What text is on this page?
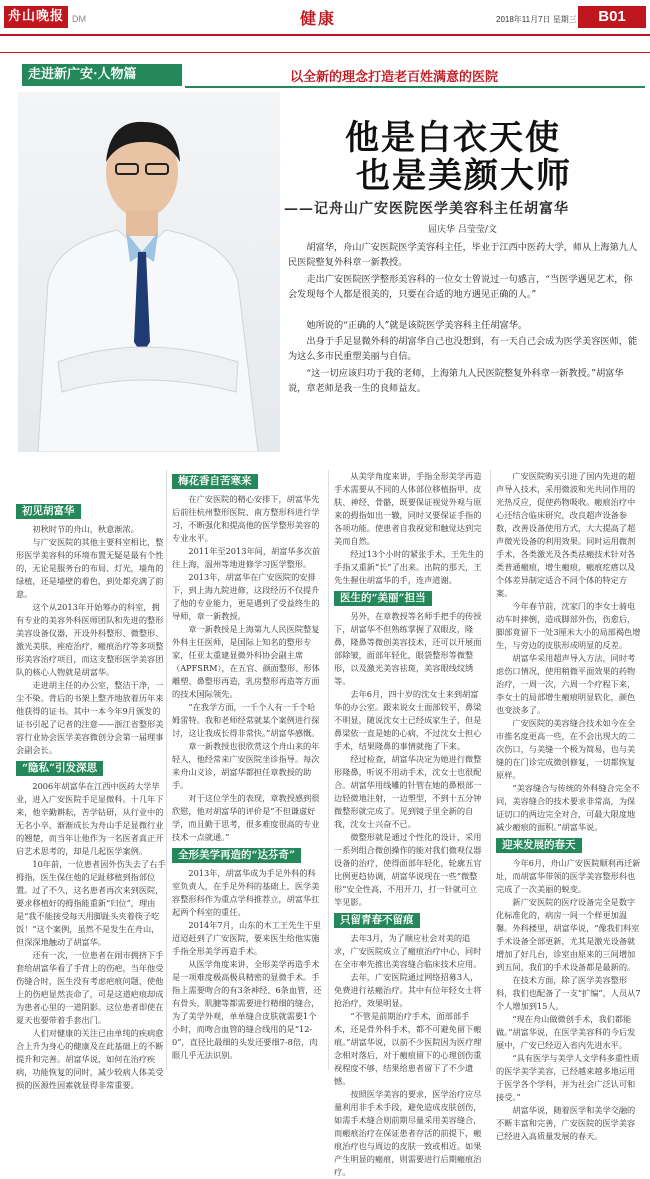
舟山晚报 DM	健康	2018年11月7日 星期三	B01
走进新广安·人物篇	以全新的理念打造老百姓满意的医院
他是白衣天使
也是美颜大师
——记舟山广安医院医学美容科主任胡富华
屈庆华 吕莹莹/文

胡富华，舟山广安医院医学美容科主任，毕业于江西中医药大学，师从上海第九人民医院整复外科章一新教授。

走出广安医院医学整形美容科的一位女士曾说过一句感言，“当医学遇见艺术，你会发现每个人都是很美的，只要在合适的地方遇见正确的人。”

她所说的“正确的人”就是该院医学美容科主任胡富华。

出身于手足显微外科的胡富华自己也没想到，有一天自己会成为医学美容医师，能为这么多市民重塑美丽与自信。

“这一切应该归功于我的老师，上海第九人民医院整复外科章一新教授。”胡富华说，章老师是我一生的良师益友。

初见胡富华

初秋时节的舟山，秋意渐浓。

与广安医院的其他主要科室相比，整形医学美容科的环境布置无疑是最有个性的，无论是服务台的布局、灯光，墙角的绿植，还是墙壁的着色，到处都充满了韵意。

这个从2013年开始筹办的科室，拥有专业的美容外科医师团队和先进的整形美容设备仪器，开设外科整形、微整形、激光美肤、痤疮治疗，瘢痕治疗等多项整形美容治疗项目，而这支整形医学美容团队的核心人物就是胡富华。

走进胡主任的办公室，整洁干净，一尘不染。背后的书架上整齐地放着历年来他获得的证书。其中一本今年9月颁发的证书引起了记者的注意——浙江省整形美容行业协会医学美容微创分会第一届理事会副会长。

“隐私”引发深思

2006年胡富华在江西中医药大学毕业，进入广安医院手足显微科。十几年下来，他辛勤耕耘，苦学钻研，从行业中的无名小卒，渐渐成长为舟山手足显微行业的翘楚，而当年让他作为一名医者真正开启艺术思考的，却是几起医学案例。

10年前，一位患者因外伤失去了右手拇指，医生保住他的足趾移植到指部位置。过了不久，这名患者再次来到医院，要求移植好的拇指能重新“归位”，理由是“我不能接受每天用脚趾头夹着筷子吃饭！”这个案例，虽然不是发生在舟山，但深深地触动了胡富华。

还有一次，一位患者在闹市拥挤下手套给胡富华看了手背上的伤疤，当年他受伤缝合时，医生没有考虑疤痕问题，使他上的伤疤显然丧命了，可是这道疤痕却成为患者心里的一道阴影。这位患者即使在夏天也要带着手套出门。

人们对健康的关注已由单纯的疾病愈合上升为身心的健康及在此基础上的不断提升和完善。胡富华说，如何在治疗疾病，功能恢复的同时，减少较病人体美受损的医源性因素就显得非常重要。

梅花香自苦寒来

在广安医院的精心安排下，胡富华先后前往杭州整形医院、南方整形科进行学习，不断强化和提高他的医学整形美容的专业水平。

2011年至2013年间，胡富华多次前往上海，温州等地进修学习医学整形。

2013年，胡富华在广安医院的安排下，到上海九院进修，这段经历不仅提升了他的专业能力，更是遇到了受益终生的导师，章一新教授。

章一新教授是上海第九人民医院整复外科主任医师，是国际上知名的整形专家，任亚太重建显微外科协会副主席（APFSRM），在五官、颜面整形、形体雕塑、鼻整形再造，乳房整形再造等方面的技术国际领先。

“在我学方面，一千个人有一千个哈姆雷特。我和老师经常就某个案例进行探讨，这让我成长得非常快。”胡富华感慨。

章一新教授也很欣赏这个舟山来的年轻人，他经常来广安医院坐诊指导。每次来舟山义诊，胡富华都担任章教授的助手。

对于这位学生的表现，章教授感到很欣慰，他对胡富华的评价是“不但谦虚好学，而且勤于思考，很多难度很高的专业技术一点就通。”

全形美学再造的“达芬奇”

2013年，胡富华成为手足外科的科室负责人，在手足外科的基础上，医学美容整形科作为重点学科推荐立，胡富华扛起两个科室的重任。

2014年7月，山东的木工王先生干里迢迢赶到了广安医院，要来医生给他实施手指全形美学再造手术。

从医学角度来讲，全形美学再造手术是一项难度极高极具精密的显微手术。手指上需要吻合的有3条神经、6条血管，还有骨头，肌腱等都需要进行精细的缝合，为了美学外观，单单缝合皮肤就需要1个小时，而吻合血管的缝合线用的是“12-0”，直径比最细的头发还要细7-8倍，肉眼几乎无法识别。

从美学角度来讲，手指全形美学再造手术需要从不同的人体部位移植指甲、皮肤、神经、骨骼，既要保证视觉外观与原来的拇指如出一辙，同时又要保证手指的各项功能。使患者自我视觉和触觉达到完美而自然。

经过13个小时的紧张手术，王先生的手指又重新“长”了出来。出院的那天，王先生握住胡富华的手，连声道谢。

医生的“美丽”担当

另外，在章教授等名师手把手的传授下，胡富华不但熟练掌握了双眼皮，隆鼻，隆鼻等微创美容技术，还可以开展面部除皱，面部年轻化，眼袋整形等微整形，以及激光美容祛斑，美容眼线纹绣等。

去年6月，四十岁的沈女士来到胡富华的办公室。跟来说女士面部较平，鼻梁不明显，随说沈女士已经成家生子，但是鼻梁依一直是她的心病，不过沈女士担心手术，结果隆鼻的事情就拖了下来。

经过检查，胡富华决定为她进行微整形隆鼻，听说不用动手术，沈女士也很配合。胡富华用线雕的针管在她的鼻根部一边轻微地注射，一边塑型，不到十五分钟微整形就完成了。见到镜子里全新的自我，沈女士兴奋不已。

微整形就是通过个性化的设计，采用一系列组合微创操作的能对我们微观仪器设备的治疗，使得面部年轻化，轮廓五官比例更趋协调，胡富华说现在一些“微整形”安全性高，不用开刀，打一针就可立竿见影。

只留青春不留痕

去年3月，为了顺应社会对美的追求，广安医院成立了瘢痕治疗中心，同时在全市率先推出美容缝合临床技术应用。

去年，广安医院通过网络招募3人，免费进行祛瘢治疗。其中有位年轻女士将抢治疗，效果明显。

“不管是前期治疗手术，面部部手术，还是骨外科手术，都不可避免留下瘢痕。”胡富华说，以前不少医院因为医疗理念相对落后，对于瘢痕留下的心理创伤重视程度不够，结果给患者留下了不少遗憾。

按照医学美容的要求，医学治疗应尽量利用非手术手段，避免造成皮肤创伤，如需手术缝合则前期尽量采用美容缝合，而瘢痕治疗在保证患者存活的前提下，瘢痕治疗也与周边的皮肤一致或相近。如果产生明显的瘢痕，则需要进行后期瘢痕治疗。

广安医院购买引进了国内先进的超声导入技术，采用微波和光共同作用的光热反应，促使药物吸收。瘢痕治疗中心还结合临床研究，改良超声设备参数，改善设备使用方式，大大提高了超声微光设备的利用效果。同时运用微剂手术，各类激光及各类祛瘢技术针对各类普通瘢痕，增生瘢痕，瘢痕疙瘩以及个体差异制定适合不同个体的特定方案。

今年春节前，沈家门的李女士骑电动车时摔倒，造成脚部外伤，伤愈后，脚部竟留下一处3厘米大小的局部褐色增生，与旁边的皮肤形成明显的反差。

胡富华采用超声导入方法，同时考虑伤口情况，使用稍微平面效果的药物治疗，一周一次，六周一个疗程下来，李女士的局部增生瘢痕明显软化，颜色也变淡多了。

广安医院的美容缝合技术如今在全市推名度更高一些，在不会出现大的二次伤口，与美缝一个极为简易，也与美缝的在门诊完成微创修复，一切都恢复原样。

“美容缝合与传统的外科缝合完全不同，美容缝合的技术要求非常高，为保证切口的两边完全对合，可最大限度地减少瘢痕的面积。”胡富华说。

迎来发展的春天

今年6月，舟山广安医院顺利再迁新址，而胡富华带领的医学美容整形科也完成了一次美丽的蜕变。

新广安医院的医疗设备完全是数字化标准化的，病房一间一个样更加温馨。外科楼里，胡富华说，“像我们科室手术设备全部更新，尤其是激光设备就增加了好几台，诊室由原来的三间增加到五间，我们的手术设备都是最新的。

在技术方面，除了医学美容整形科，我们也配备了一支“扩编”，人员从7个人增加到15人。

“现在舟山做微创手术，我们都能做。”胡富华说，在医学美容科的今后发展中，广安已经迈入省内先进水平。

“具有医学与美学人文学科多重性质的医学美学美容，已经越来越多地运用于医学各个学科，并为社会广泛认可和接受。”

胡富华说，随着医学和美学交融的不断丰富和完善，广安医院的医学美容已经进入高质量发展的春天。
